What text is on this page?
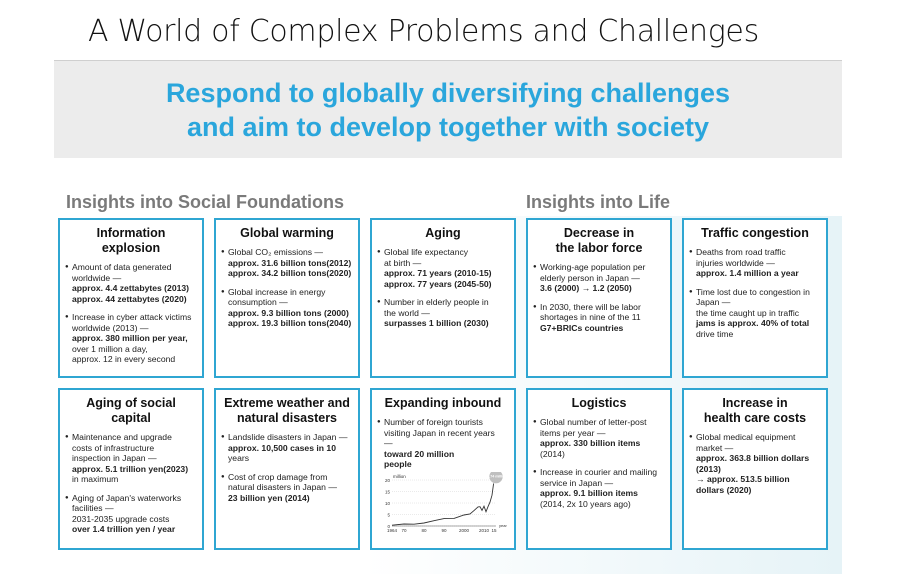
A World of Complex Problems and Challenges
Respond to globally diversifying challenges
and aim to develop together with society
Insights into Social Foundations	Insights into Life
Information explosion
● Amount of data generated
worldwide —
approx. 4.4 zettabytes (2013)
approx. 44 zettabytes (2020)
● Increase in cyber attack victims
worldwide (2013) —
approx. 380 million per year,
over 1 million a day,
approx. 12 in every second
Global warming
● Global CO₂ emissions —
approx. 31.6 billion tons(2012)
approx. 34.2 billion tons(2020)
● Global increase in energy
consumption —
approx. 9.3 billion tons (2000)
approx. 19.3 billion tons(2040)
Aging
● Global life expectancy
at birth —
approx. 71 years (2010-15)
approx. 77 years (2045-50)
● Number in elderly people in
the world —
surpasses 1 billion (2030)
Decrease in
the labor force
● Working-age population per
elderly person in Japan —
3.6 (2000) → 1.2 (2050)
● In 2030, there will be labor
shortages in nine of the 11
G7+BRICs countries
Traffic congestion
● Deaths from road traffic
injuries worldwide —
approx. 1.4 million a year
● Time lost due to congestion in
Japan —
the time caught up in traffic
jams is approx. 40% of total
drive time
Aging of social capital
● Maintenance and upgrade
costs of infrastructure
inspection in Japan —
approx. 5.1 trillion yen(2023)
in maximum
● Aging of Japan's waterworks
facilities —
2031-2035 upgrade costs
over 1.4 trillion yen / year
Extreme weather and
natural disasters
● Landslide disasters in Japan —
approx. 10,500 cases in 10
years
● Cost of crop damage from
natural disasters in Japan —
23 billion yen (2014)
Expanding inbound
● Number of foreign tourists
visiting Japan in recent years
—
toward 20 million
people
20
15
10
5
0
million
1964 70	80	90	2000 2010 15
year
19.74 million
Logistics
● Global number of letter-post
items per year —
approx. 330 billion items
(2014)
● Increase in courier and mailing
service in Japan —
approx. 9.1 billion items
(2014, 2x 10 years ago)
Increase in
health care costs
● Global medical equipment
market —
approx. 363.8 billion dollars
(2013)
→ approx. 513.5 billion
dollars (2020)
